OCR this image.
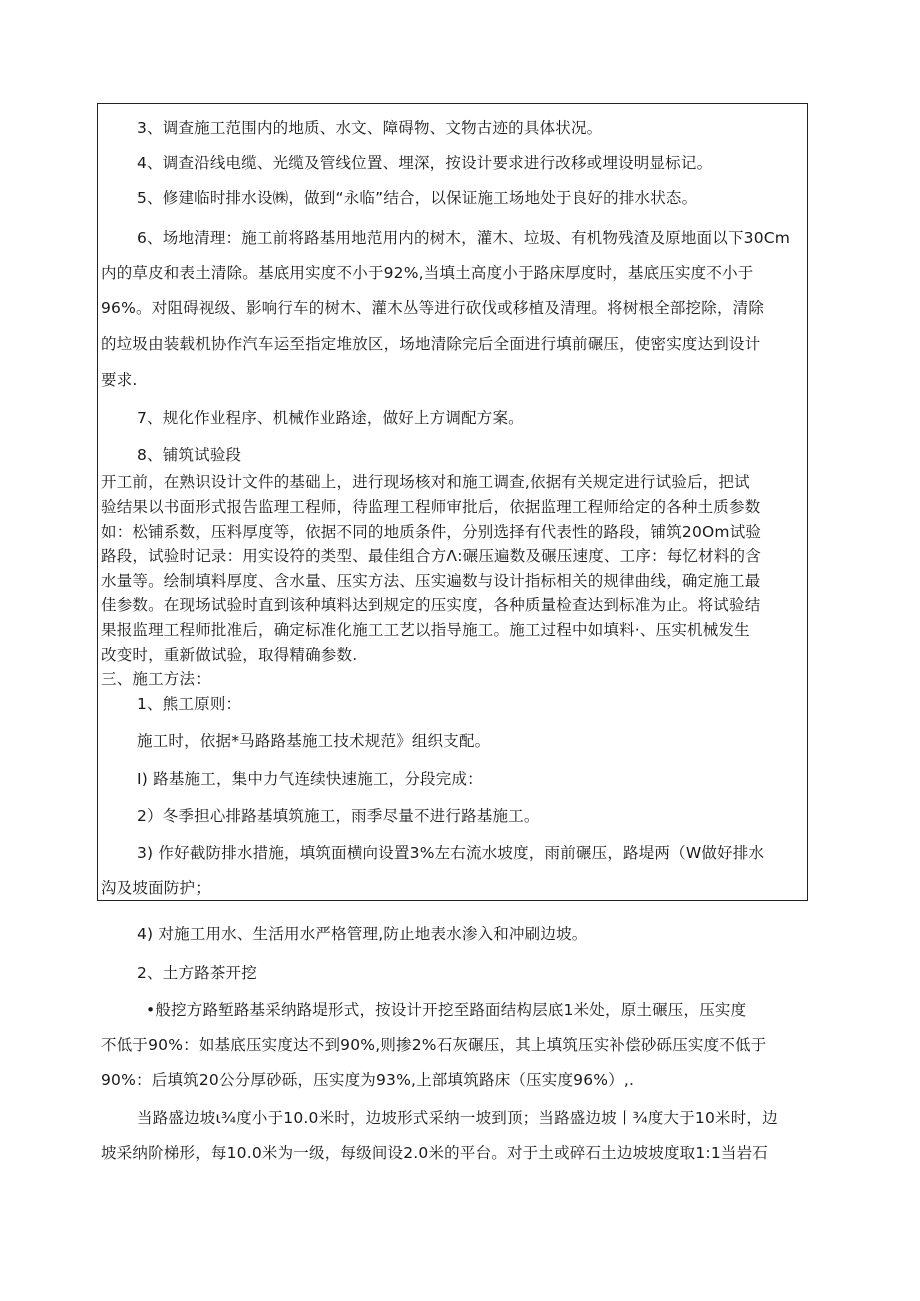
3、调查施工范围内的地质、水文、障碍物、文物古迹的具体状况。

4、调查沿线电缆、光缆及管线位置、埋深，按设计要求进行改移或埋设明显标记。

5、修建临时排水设㈱，做到“永临”结合，以保证施工场地处于良好的排水状态。

6、场地清理：施工前将路基用地范用内的树木，灌木、垃圾、有机物残渣及原地面以下30Cm

内的草皮和表土清除。基底用实度不小于92%,当填土高度小于路床厚度时，基底压实度不小于

96%。对阻碍视级、影响行车的树木、灌木丛等进行砍伐或移植及清理。将树根全部挖除，清除

的垃圾由装载机协作汽车运至指定堆放区，场地清除完后全面进行填前碾压，使密实度达到设计

要求.

7、规化作业程序、机械作业路途，做好上方调配方案。

8、铺筑试验段

开工前，在熟识设计文件的基础上，进行现场核对和施工调查,依据有关规定进行试验后，把试

验结果以书面形式报告监理工程师，待监理工程师审批后，依据监理工程师给定的各种土质参数

如：松铺系数，压料厚度等，依据不同的地质条件，分别选择有代表性的路段，铺筑20Om试验

路段，试验时记录：用实设符的类型、最佳组合方Λ:碾压遍数及碾压速度、工序：每忆材料的含

水量等。绘制填料厚度、含水量、压实方法、压实遍数与设计指标相关的规律曲线，确定施工最

佳参数。在现场试验时直到该种填料达到规定的压实度，各种质量检查达到标准为止。将试验结

果报监理工程师批准后，确定标准化施工工艺以指导施工。施工过程中如填料·、压实机械发生

改变时，重新做试验，取得精确参数.

三、施工方法：

1、熊工原则：

施工时，依据*马路路基施工技术规范》组织支配。

I) 路基施工，集中力气连续快速施工，分段完成：

2）冬季担心排路基填筑施工，雨季尽量不进行路基施工。

3) 作好截防排水措施，填筑面横向设置3%左右流水坡度，雨前碾压，路堤两（W做好排水

沟及坡面防护；

4) 对施工用水、生活用水严格管理,防止地表水渗入和冲刷边坡。

2、土方路茶开挖

•般挖方路堑路基采纳路堤形式，按设计开挖至路面结构层底1米处，原土碾压，压实度

不低于90%：如基底压实度达不到90%,则掺2%石灰碾压，其上填筑压实补偿砂砾压实度不低于

90%：后填筑20公分厚砂砾，压实度为93%,上部填筑路床（压实度96%）,.

当路盛边坡ι¾度小于10.0米时，边坡形式采纳一坡到顶；当路盛边坡丨¾度大于10米时，边

坡采纳阶梯形，每10.0米为一级，每级间设2.0米的平台。对于土或碎石土边坡坡度取1:1当岩石
